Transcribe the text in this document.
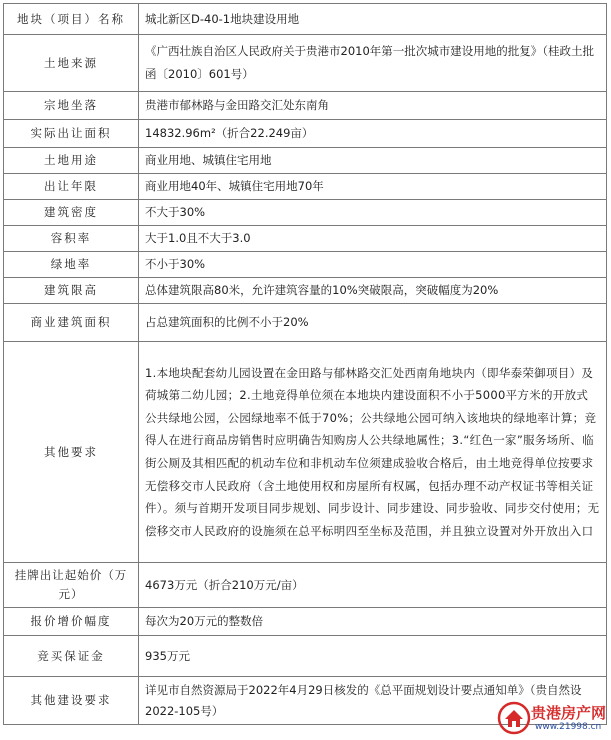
地块（项目）名称	城北新区D-40-1地块建设用地
土地来源	《广西壮族自治区人民政府关于贵港市2010年第一批次城市建设用地的批复》（桂政土批函〔2010〕601号）
宗地坐落	贵港市郁林路与金田路交汇处东南角
实际出让面积	14832.96m²（折合22.249亩）
土地用途	商业用地、城镇住宅用地
出让年限	商业用地40年、城镇住宅用地70年
建筑密度	不大于30%
容积率	大于1.0且不大于3.0
绿地率	不小于30%
建筑限高	总体建筑限高80米，允许建筑容量的10%突破限高，突破幅度为20%
商业建筑面积	占总建筑面积的比例不小于20%
其他要求	1.本地块配套幼儿园设置在金田路与郁林路交汇处西南角地块内（即华泰荣御项目）及荷城第二幼儿园；2.土地竞得单位须在本地块内建设面积不小于5000平方米的开放式公共绿地公园，公园绿地率不低于70%；公共绿地公园可纳入该地块的绿地率计算；竞得人在进行商品房销售时应明确告知购房人公共绿地属性；3.“红色一家”服务场所、临街公厕及其相匹配的机动车位和非机动车位须建成验收合格后，由土地竞得单位按要求无偿移交市人民政府（含土地使用权和房屋所有权属，包括办理不动产权证书等相关证件）。须与首期开发项目同步规划、同步设计、同步建设、同步验收、同步交付使用；无偿移交市人民政府的设施须在总平标明四至坐标及范围，并且独立设置对外开放出入口
挂牌出让起始价（万元）	4673万元（折合210万元/亩）
报价增价幅度	每次为20万元的整数倍
竞买保证金	935万元
其他建设要求	详见市自然资源局于2022年4月29日核发的《总平面规划设计要点通知单》（贵自然设2022-105号）	贵港房产网
www.21998.cn
